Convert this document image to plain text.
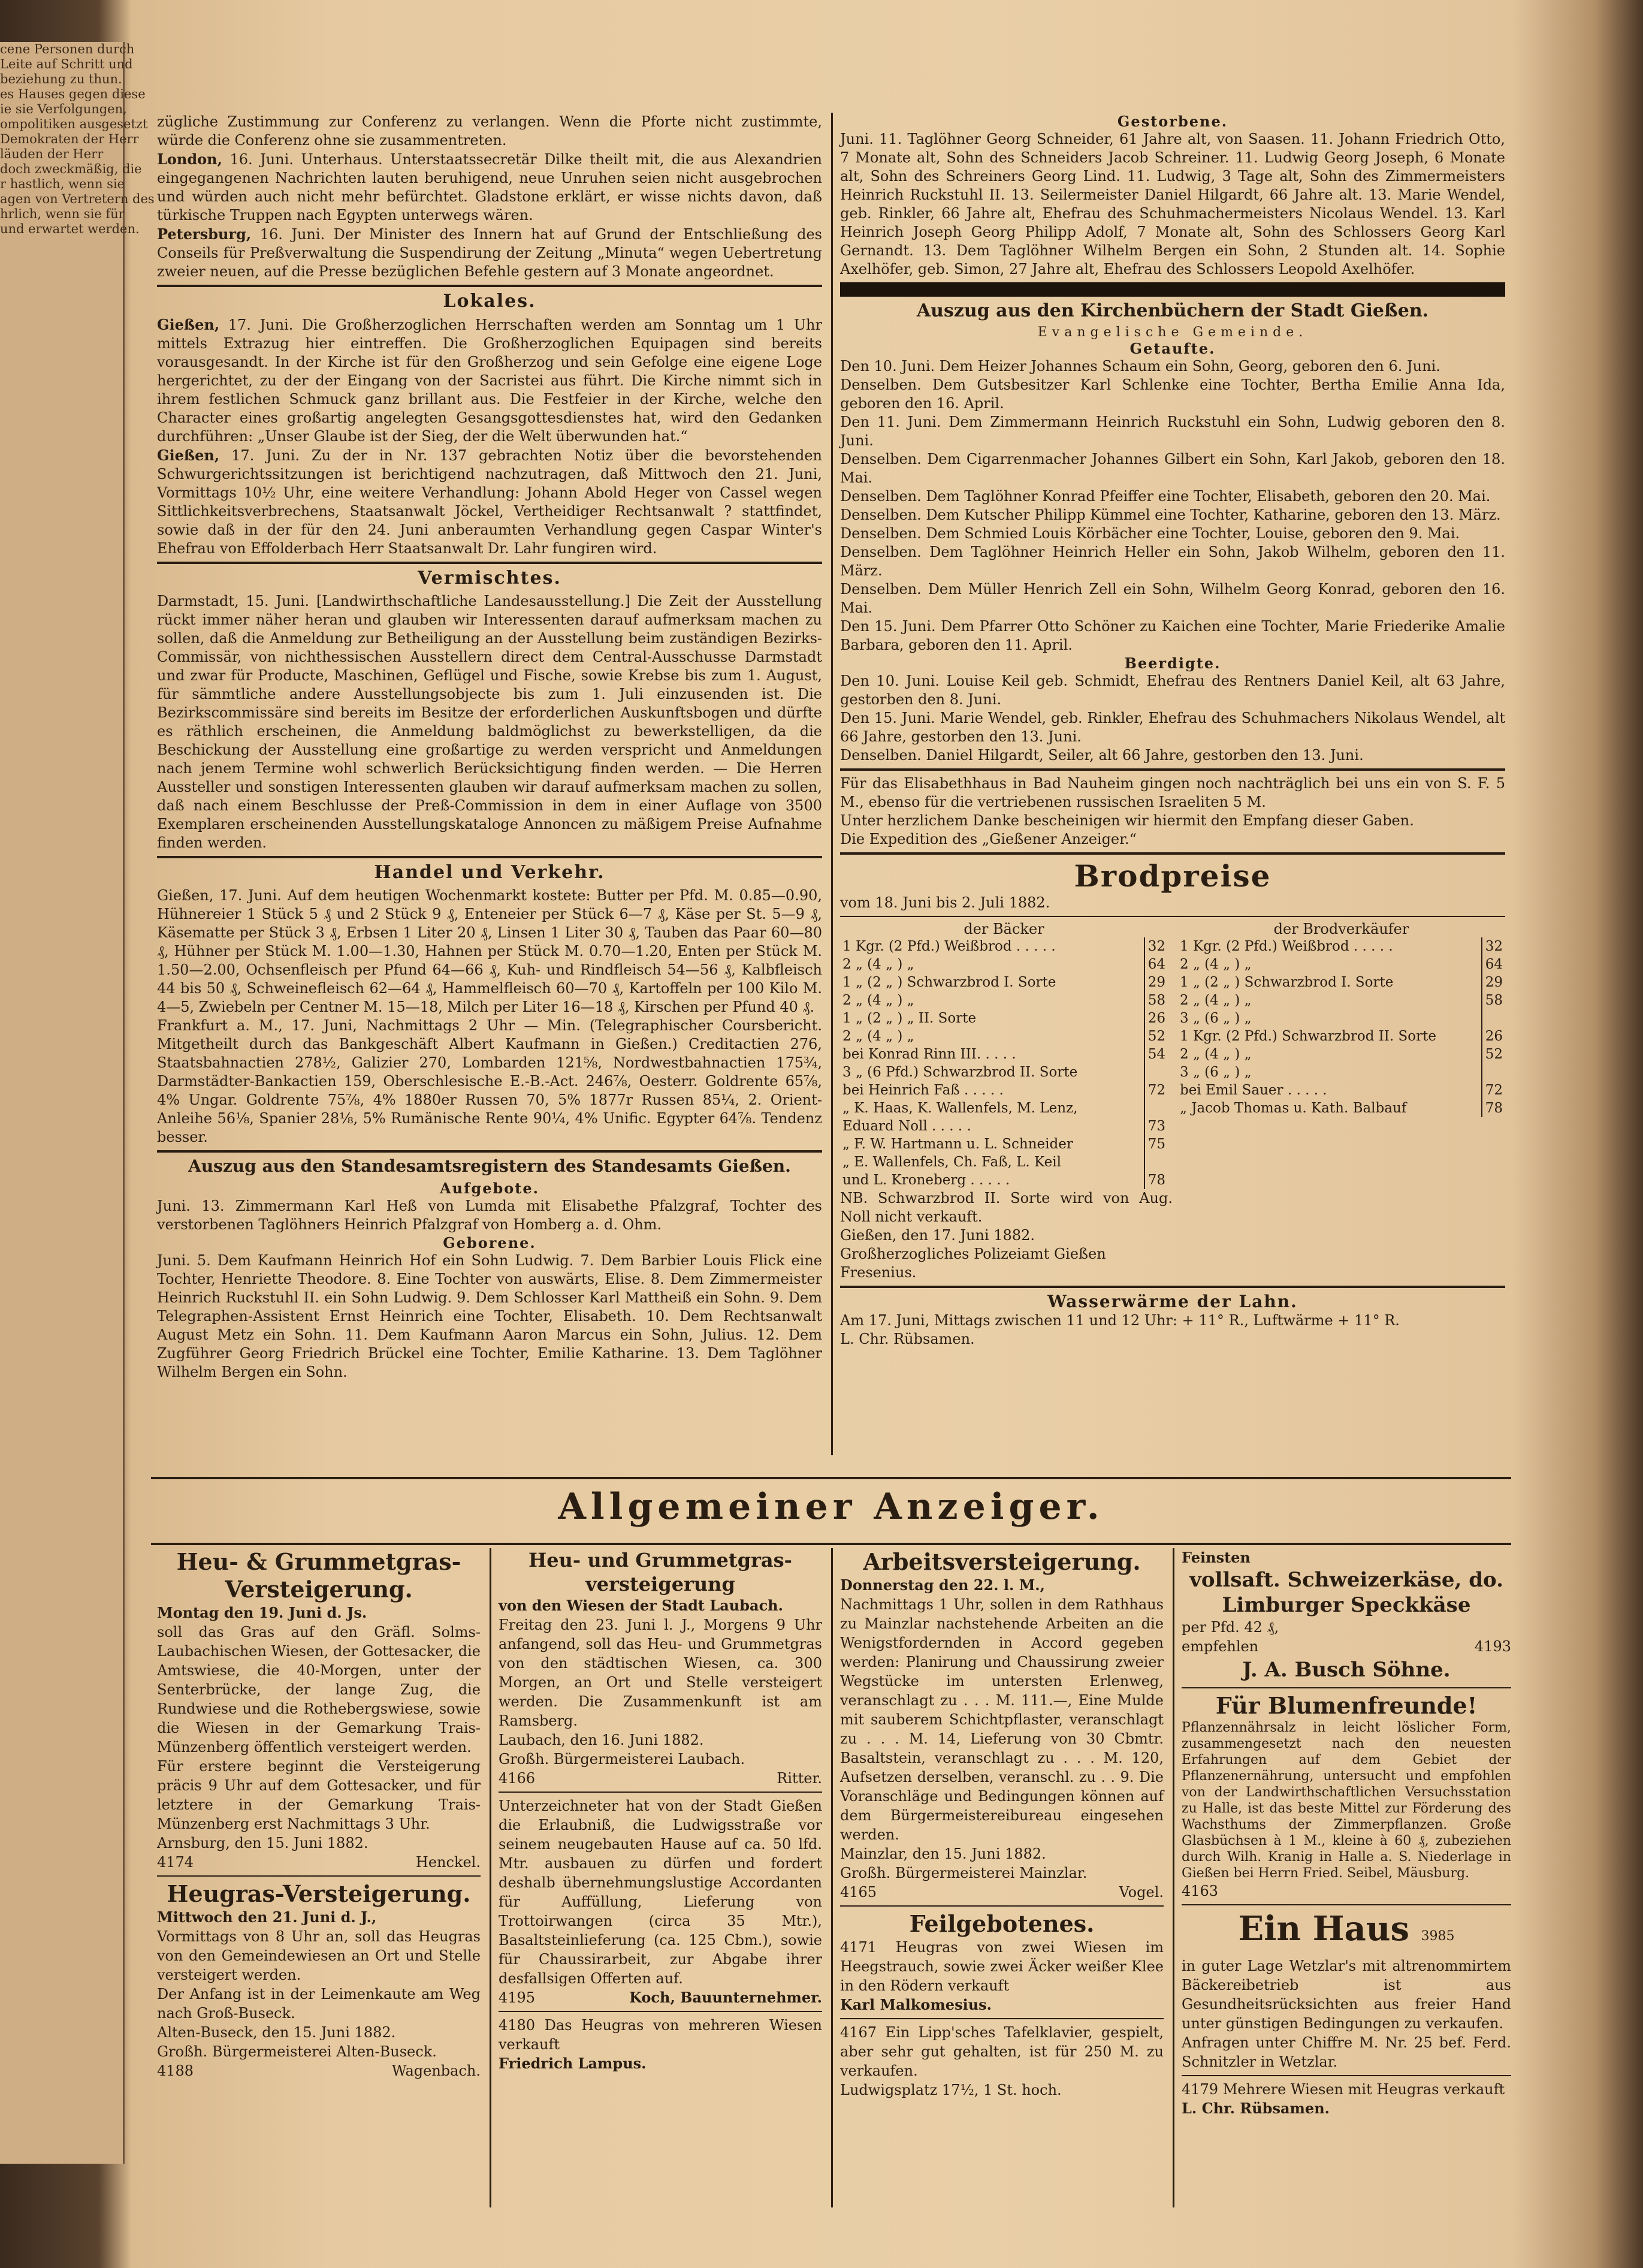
cene Personen durch

Leite auf Schritt und

beziehung zu thun.

es Hauses gegen diese

ie sie Verfolgungen,

ompolitiken ausgesetzt

Demokraten der Herr

läuden der Herr

doch zweckmäßig, die

r hastlich, wenn sie

agen von Vertretern des

hrlich, wenn sie für

und erwartet werden.

zügliche Zustimmung zur Conferenz zu verlangen. Wenn die Pforte nicht zustimmte, würde die Conferenz ohne sie zusammentreten.

London, 16. Juni. Unterhaus. Unterstaatssecretär Dilke theilt mit, die aus Alexandrien eingegangenen Nachrichten lauten beruhigend, neue Unruhen seien nicht ausgebrochen und würden auch nicht mehr befürchtet. Gladstone erklärt, er wisse nichts davon, daß türkische Truppen nach Egypten unterwegs wären.

Petersburg, 16. Juni. Der Minister des Innern hat auf Grund der Entschließung des Conseils für Preßverwaltung die Suspendirung der Zeitung „Minuta“ wegen Uebertretung zweier neuen, auf die Presse bezüglichen Befehle gestern auf 3 Monate angeordnet.

Lokales.

Gießen, 17. Juni. Die Großherzoglichen Herrschaften werden am Sonntag um 1 Uhr mittels Extrazug hier eintreffen. Die Großherzoglichen Equipagen sind bereits vorausgesandt. In der Kirche ist für den Großherzog und sein Gefolge eine eigene Loge hergerichtet, zu der der Eingang von der Sacristei aus führt. Die Kirche nimmt sich in ihrem festlichen Schmuck ganz brillant aus. Die Festfeier in der Kirche, welche den Character eines großartig angelegten Gesangsgottesdienstes hat, wird den Gedanken durchführen: „Unser Glaube ist der Sieg, der die Welt überwunden hat.“

Gießen, 17. Juni. Zu der in Nr. 137 gebrachten Notiz über die bevorstehenden Schwurgerichtssitzungen ist berichtigend nachzutragen, daß Mittwoch den 21. Juni, Vormittags 10½ Uhr, eine weitere Verhandlung: Johann Abold Heger von Cassel wegen Sittlichkeitsverbrechens, Staatsanwalt Jöckel, Vertheidiger Rechtsanwalt ? stattfindet, sowie daß in der für den 24. Juni anberaumten Verhandlung gegen Caspar Winter's Ehefrau von Effolderbach Herr Staatsanwalt Dr. Lahr fungiren wird.

Vermischtes.

Darmstadt, 15. Juni. [Landwirthschaftliche Landesausstellung.] Die Zeit der Ausstellung rückt immer näher heran und glauben wir Interessenten darauf aufmerksam machen zu sollen, daß die Anmeldung zur Betheiligung an der Ausstellung beim zuständigen Bezirks-Commissär, von nichthessischen Ausstellern direct dem Central-Ausschusse Darmstadt und zwar für Producte, Maschinen, Geflügel und Fische, sowie Krebse bis zum 1. August, für sämmtliche andere Ausstellungsobjecte bis zum 1. Juli einzusenden ist. Die Bezirkscommissäre sind bereits im Besitze der erforderlichen Auskunftsbogen und dürfte es räthlich erscheinen, die Anmeldung baldmöglichst zu bewerkstelligen, da die Beschickung der Ausstellung eine großartige zu werden verspricht und Anmeldungen nach jenem Termine wohl schwerlich Berücksichtigung finden werden. — Die Herren Aussteller und sonstigen Interessenten glauben wir darauf aufmerksam machen zu sollen, daß nach einem Beschlusse der Preß-Commission in dem in einer Auflage von 3500 Exemplaren erscheinenden Ausstellungskataloge Annoncen zu mäßigem Preise Aufnahme finden werden.

Handel und Verkehr.

Gießen, 17. Juni. Auf dem heutigen Wochenmarkt kostete: Butter per Pfd. M. 0.85—0.90, Hühnereier 1 Stück 5 ₰ und 2 Stück 9 ₰, Enteneier per Stück 6—7 ₰, Käse per St. 5—9 ₰, Käsematte per Stück 3 ₰, Erbsen 1 Liter 20 ₰, Linsen 1 Liter 30 ₰, Tauben das Paar 60—80 ₰, Hühner per Stück M. 1.00—1.30, Hahnen per Stück M. 0.70—1.20, Enten per Stück M. 1.50—2.00, Ochsenfleisch per Pfund 64—66 ₰, Kuh- und Rindfleisch 54—56 ₰, Kalbfleisch 44 bis 50 ₰, Schweinefleisch 62—64 ₰, Hammelfleisch 60—70 ₰, Kartoffeln per 100 Kilo M. 4—5, Zwiebeln per Centner M. 15—18, Milch per Liter 16—18 ₰, Kirschen per Pfund 40 ₰.

Frankfurt a. M., 17. Juni, Nachmittags 2 Uhr — Min. (Telegraphischer Coursbericht. Mitgetheilt durch das Bankgeschäft Albert Kaufmann in Gießen.) Creditactien 276, Staatsbahnactien 278½, Galizier 270, Lombarden 121⅝, Nordwestbahnactien 175¾, Darmstädter-Bankactien 159, Oberschlesische E.-B.-Act. 246⅞, Oesterr. Goldrente 65⅞, 4% Ungar. Goldrente 75⅞, 4% 1880er Russen 70, 5% 1877r Russen 85¼, 2. Orient-Anleihe 56⅛, Spanier 28⅛, 5% Rumänische Rente 90¼, 4% Unific. Egypter 64⅞. Tendenz besser.

Auszug aus den Standesamtsregistern des Standesamts Gießen.
Aufgebote.

Juni. 13. Zimmermann Karl Heß von Lumda mit Elisabethe Pfalzgraf, Tochter des verstorbenen Taglöhners Heinrich Pfalzgraf von Homberg a. d. Ohm.

Geborene.

Juni. 5. Dem Kaufmann Heinrich Hof ein Sohn Ludwig. 7. Dem Barbier Louis Flick eine Tochter, Henriette Theodore. 8. Eine Tochter von auswärts, Elise. 8. Dem Zimmermeister Heinrich Ruckstuhl II. ein Sohn Ludwig. 9. Dem Schlosser Karl Mattheiß ein Sohn. 9. Dem Telegraphen-Assistent Ernst Heinrich eine Tochter, Elisabeth. 10. Dem Rechtsanwalt August Metz ein Sohn. 11. Dem Kaufmann Aaron Marcus ein Sohn, Julius. 12. Dem Zugführer Georg Friedrich Brückel eine Tochter, Emilie Katharine. 13. Dem Taglöhner Wilhelm Bergen ein Sohn.

Gestorbene.

Juni. 11. Taglöhner Georg Schneider, 61 Jahre alt, von Saasen. 11. Johann Friedrich Otto, 7 Monate alt, Sohn des Schneiders Jacob Schreiner. 11. Ludwig Georg Joseph, 6 Monate alt, Sohn des Schreiners Georg Lind. 11. Ludwig, 3 Tage alt, Sohn des Zimmermeisters Heinrich Ruckstuhl II. 13. Seilermeister Daniel Hilgardt, 66 Jahre alt. 13. Marie Wendel, geb. Rinkler, 66 Jahre alt, Ehefrau des Schuhmachermeisters Nicolaus Wendel. 13. Karl Heinrich Joseph Georg Philipp Adolf, 7 Monate alt, Sohn des Schlossers Georg Karl Gernandt. 13. Dem Taglöhner Wilhelm Bergen ein Sohn, 2 Stunden alt. 14. Sophie Axelhöfer, geb. Simon, 27 Jahre alt, Ehefrau des Schlossers Leopold Axelhöfer.

Auszug aus den Kirchenbüchern der Stadt Gießen.
Evangelische Gemeinde.
Getaufte.

Den 10. Juni. Dem Heizer Johannes Schaum ein Sohn, Georg, geboren den 6. Juni.

Denselben. Dem Gutsbesitzer Karl Schlenke eine Tochter, Bertha Emilie Anna Ida, geboren den 16. April.

Den 11. Juni. Dem Zimmermann Heinrich Ruckstuhl ein Sohn, Ludwig geboren den 8. Juni.

Denselben. Dem Cigarrenmacher Johannes Gilbert ein Sohn, Karl Jakob, geboren den 18. Mai.

Denselben. Dem Taglöhner Konrad Pfeiffer eine Tochter, Elisabeth, geboren den 20. Mai.

Denselben. Dem Kutscher Philipp Kümmel eine Tochter, Katharine, geboren den 13. März.

Denselben. Dem Schmied Louis Körbächer eine Tochter, Louise, geboren den 9. Mai.

Denselben. Dem Taglöhner Heinrich Heller ein Sohn, Jakob Wilhelm, geboren den 11. März.

Denselben. Dem Müller Henrich Zell ein Sohn, Wilhelm Georg Konrad, geboren den 16. Mai.

Den 15. Juni. Dem Pfarrer Otto Schöner zu Kaichen eine Tochter, Marie Friederike Amalie Barbara, geboren den 11. April.

Beerdigte.

Den 10. Juni. Louise Keil geb. Schmidt, Ehefrau des Rentners Daniel Keil, alt 63 Jahre, gestorben den 8. Juni.

Den 15. Juni. Marie Wendel, geb. Rinkler, Ehefrau des Schuhmachers Nikolaus Wendel, alt 66 Jahre, gestorben den 13. Juni.

Denselben. Daniel Hilgardt, Seiler, alt 66 Jahre, gestorben den 13. Juni.

Für das Elisabethhaus in Bad Nauheim gingen noch nachträglich bei uns ein von S. F. 5 M., ebenso für die vertriebenen russischen Israeliten 5 M.

Unter herzlichem Danke bescheinigen wir hiermit den Empfang dieser Gaben.

Die Expedition des „Gießener Anzeiger.“

Brodpreise

vom 18. Juni bis 2. Juli 1882.

der Bäcker
1 Kgr. (2 Pfd.) Weißbrod . . . . .	32
2 „ (4 „ ) „	64
1 „ (2 „ ) Schwarzbrod I. Sorte	29
2 „ (4 „ ) „	58
1 „ (2 „ ) „ II. Sorte	26
2 „ (4 „ ) „	52
bei Konrad Rinn III. . . . .	54
3 „ (6 Pfd.) Schwarzbrod II. Sorte	
bei Heinrich Faß . . . . .	72
„ K. Haas, K. Wallenfels, M. Lenz,	
Eduard Noll . . . . .	73
„ F. W. Hartmann u. L. Schneider	75
„ E. Wallenfels, Ch. Faß, L. Keil	
und L. Kroneberg . . . . .	78
der Brodverkäufer
1 Kgr. (2 Pfd.) Weißbrod . . . . .	32
2 „ (4 „ ) „	64
1 „ (2 „ ) Schwarzbrod I. Sorte	29
2 „ (4 „ ) „	58
3 „ (6 „ ) „	
1 Kgr. (2 Pfd.) Schwarzbrod II. Sorte	26
2 „ (4 „ ) „	52
3 „ (6 „ ) „	
bei Emil Sauer . . . . .	72
„ Jacob Thomas u. Kath. Balbauf	78

NB. Schwarzbrod II. Sorte wird von Aug. Noll nicht verkauft.

Gießen, den 17. Juni 1882.

Großherzogliches Polizeiamt Gießen

Fresenius.

Wasserwärme der Lahn.

Am 17. Juni, Mittags zwischen 11 und 12 Uhr: + 11° R., Luftwärme + 11° R.

L. Chr. Rübsamen.

Allgemeiner Anzeiger.
Heu- & Grummetgras-Versteigerung.

Montag den 19. Juni d. Js.

soll das Gras auf den Gräfl. Solms-Laubachischen Wiesen, der Gottesacker, die Amtswiese, die 40-Morgen, unter der Senterbrücke, der lange Zug, die Rundwiese und die Rothebergswiese, sowie die Wiesen in der Gemarkung Trais-Münzenberg öffentlich versteigert werden.

Für erstere beginnt die Versteigerung präcis 9 Uhr auf dem Gottesacker, und für letztere in der Gemarkung Trais-Münzenberg erst Nachmittags 3 Uhr.

Arnsburg, den 15. Juni 1882.

4174	Henckel.

Heugras-Versteigerung.

Mittwoch den 21. Juni d. J.,

Vormittags von 8 Uhr an, soll das Heugras von den Gemeindewiesen an Ort und Stelle versteigert werden.

Der Anfang ist in der Leimenkaute am Weg nach Groß-Buseck.

Alten-Buseck, den 15. Juni 1882.

Großh. Bürgermeisterei Alten-Buseck.

4188	Wagenbach.

Heu- und Grummetgras-versteigerung

von den Wiesen der Stadt Laubach.

Freitag den 23. Juni l. J., Morgens 9 Uhr anfangend, soll das Heu- und Grummetgras von den städtischen Wiesen, ca. 300 Morgen, an Ort und Stelle versteigert werden. Die Zusammenkunft ist am Ramsberg.

Laubach, den 16. Juni 1882.

Großh. Bürgermeisterei Laubach.

4166	Ritter.

Unterzeichneter hat von der Stadt Gießen die Erlaubniß, die Ludwigsstraße vor seinem neugebauten Hause auf ca. 50 lfd. Mtr. ausbauen zu dürfen und fordert deshalb übernehmungslustige Accordanten für Auffüllung, Lieferung von Trottoirwangen (circa 35 Mtr.), Basaltsteinlieferung (ca. 125 Cbm.), sowie für Chaussirarbeit, zur Abgabe ihrer desfallsigen Offerten auf.

4195	Koch, Bauunternehmer.

4180 Das Heugras von mehreren Wiesen verkauft

Friedrich Lampus.

Arbeitsversteigerung.

Donnerstag den 22. l. M.,

Nachmittags 1 Uhr, sollen in dem Rathhaus zu Mainzlar nachstehende Arbeiten an die Wenigstfordernden in Accord gegeben werden: Planirung und Chaussirung zweier Wegstücke im untersten Erlenweg, veranschlagt zu . . . M. 111.—, Eine Mulde mit sauberem Schichtpflaster, veranschlagt zu . . . M. 14, Lieferung von 30 Cbmtr. Basaltstein, veranschlagt zu . . . M. 120, Aufsetzen derselben, veranschl. zu . . 9. Die Voranschläge und Bedingungen können auf dem Bürgermeistereibureau eingesehen werden.

Mainzlar, den 15. Juni 1882.

Großh. Bürgermeisterei Mainzlar.

4165	Vogel.

Feilgebotenes.

4171 Heugras von zwei Wiesen im Heegstrauch, sowie zwei Äcker weißer Klee in den Rödern verkauft

Karl Malkomesius.

4167 Ein Lipp'sches Tafelklavier, gespielt, aber sehr gut gehalten, ist für 250 M. zu verkaufen.

Ludwigsplatz 17½, 1 St. hoch.

Feinsten

vollsaft. Schweizerkäse, do. Limburger Speckkäse

per Pfd. 42 ₰,

empfehlen	4193

J. A. Busch Söhne.
Für Blumenfreunde!

Pflanzennährsalz in leicht löslicher Form, zusammengesetzt nach den neuesten Erfahrungen auf dem Gebiet der Pflanzenernährung, untersucht und empfohlen von der Landwirthschaftlichen Versuchsstation zu Halle, ist das beste Mittel zur Förderung des Wachsthums der Zimmerpflanzen. Große Glasbüchsen à 1 M., kleine à 60 ₰, zubeziehen durch Wilh. Kranig in Halle a. S. Niederlage in Gießen bei Herrn Fried. Seibel, Mäusburg.

4163

Ein Haus 3985

in guter Lage Wetzlar's mit altrenommirtem Bäckereibetrieb ist aus Gesundheitsrücksichten aus freier Hand unter günstigen Bedingungen zu verkaufen.

Anfragen unter Chiffre M. Nr. 25 bef. Ferd. Schnitzler in Wetzlar.

4179 Mehrere Wiesen mit Heugras verkauft

L. Chr. Rübsamen.
